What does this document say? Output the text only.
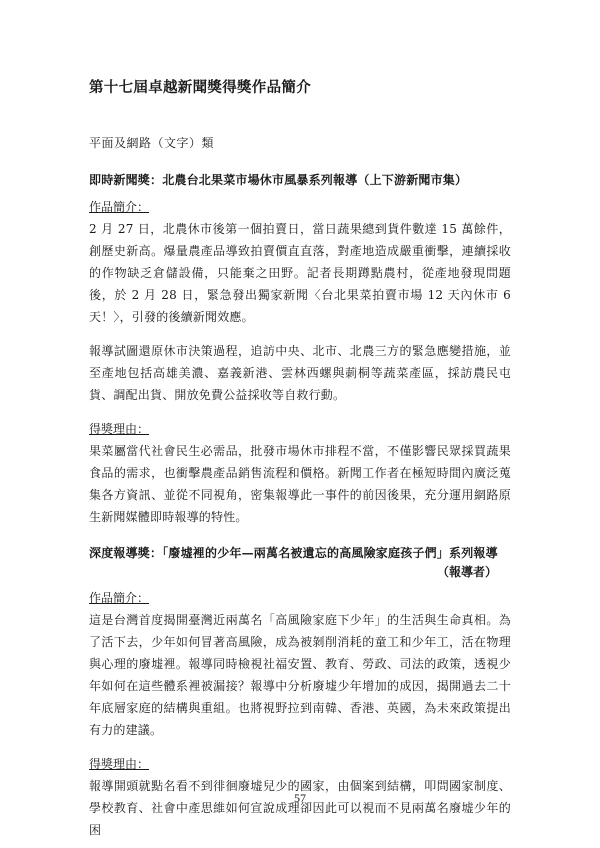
第十七屆卓越新聞獎得獎作品簡介
平面及網路（文字）類
即時新聞獎：北農台北果菜市場休市風暴系列報導（上下游新聞市集）
作品簡介：
2 月 27 日，北農休市後第一個拍賣日，當日蔬果總到貨件數達 15 萬餘件，創歷史新高。爆量農產品導致拍賣價直直落，對產地造成嚴重衝擊，連續採收的作物缺乏倉儲設備，只能棄之田野。記者長期蹲點農村，從產地發現問題後，於 2 月 28 日，緊急發出獨家新聞〈台北果菜拍賣市場 12 天內休市 6 天！〉，引發的後續新聞效應。
報導試圖還原休市決策過程，追訪中央、北市、北農三方的緊急應變措施，並至產地包括高雄美濃、嘉義新港、雲林西螺與莿桐等蔬菜產區，採訪農民屯貨、調配出貨、開放免費公益採收等自救行動。
得獎理由：
果菜屬當代社會民生必需品，批發市場休市排程不當，不僅影響民眾採買蔬果食品的需求，也衝擊農產品銷售流程和價格。新聞工作者在極短時間內廣泛蒐集各方資訊、並從不同視角，密集報導此一事件的前因後果，充分運用網路原生新聞媒體即時報導的特性。
深度報導獎：「廢墟裡的少年—兩萬名被遺忘的高風險家庭孩子們」系列報導
（報導者）
作品簡介：
這是台灣首度揭開臺灣近兩萬名「高風險家庭下少年」的生活與生命真相。為了活下去，少年如何冒著高風險，成為被剝削消耗的童工和少年工，活在物理與心理的廢墟裡。報導同時檢視社福安置、教育、勞政、司法的政策，透視少年如何在這些體系裡被漏接？報導中分析廢墟少年增加的成因，揭開過去二十年底層家庭的結構與重組。也將視野拉到南韓、香港、英國，為未來政策提出有力的建議。
得獎理由：
報導開頭就點名看不到徘徊廢墟兒少的國家，由個案到結構，叩問國家制度、學校教育、社會中產思維如何宣說成理卻因此可以視而不見兩萬名廢墟少年的困
57
